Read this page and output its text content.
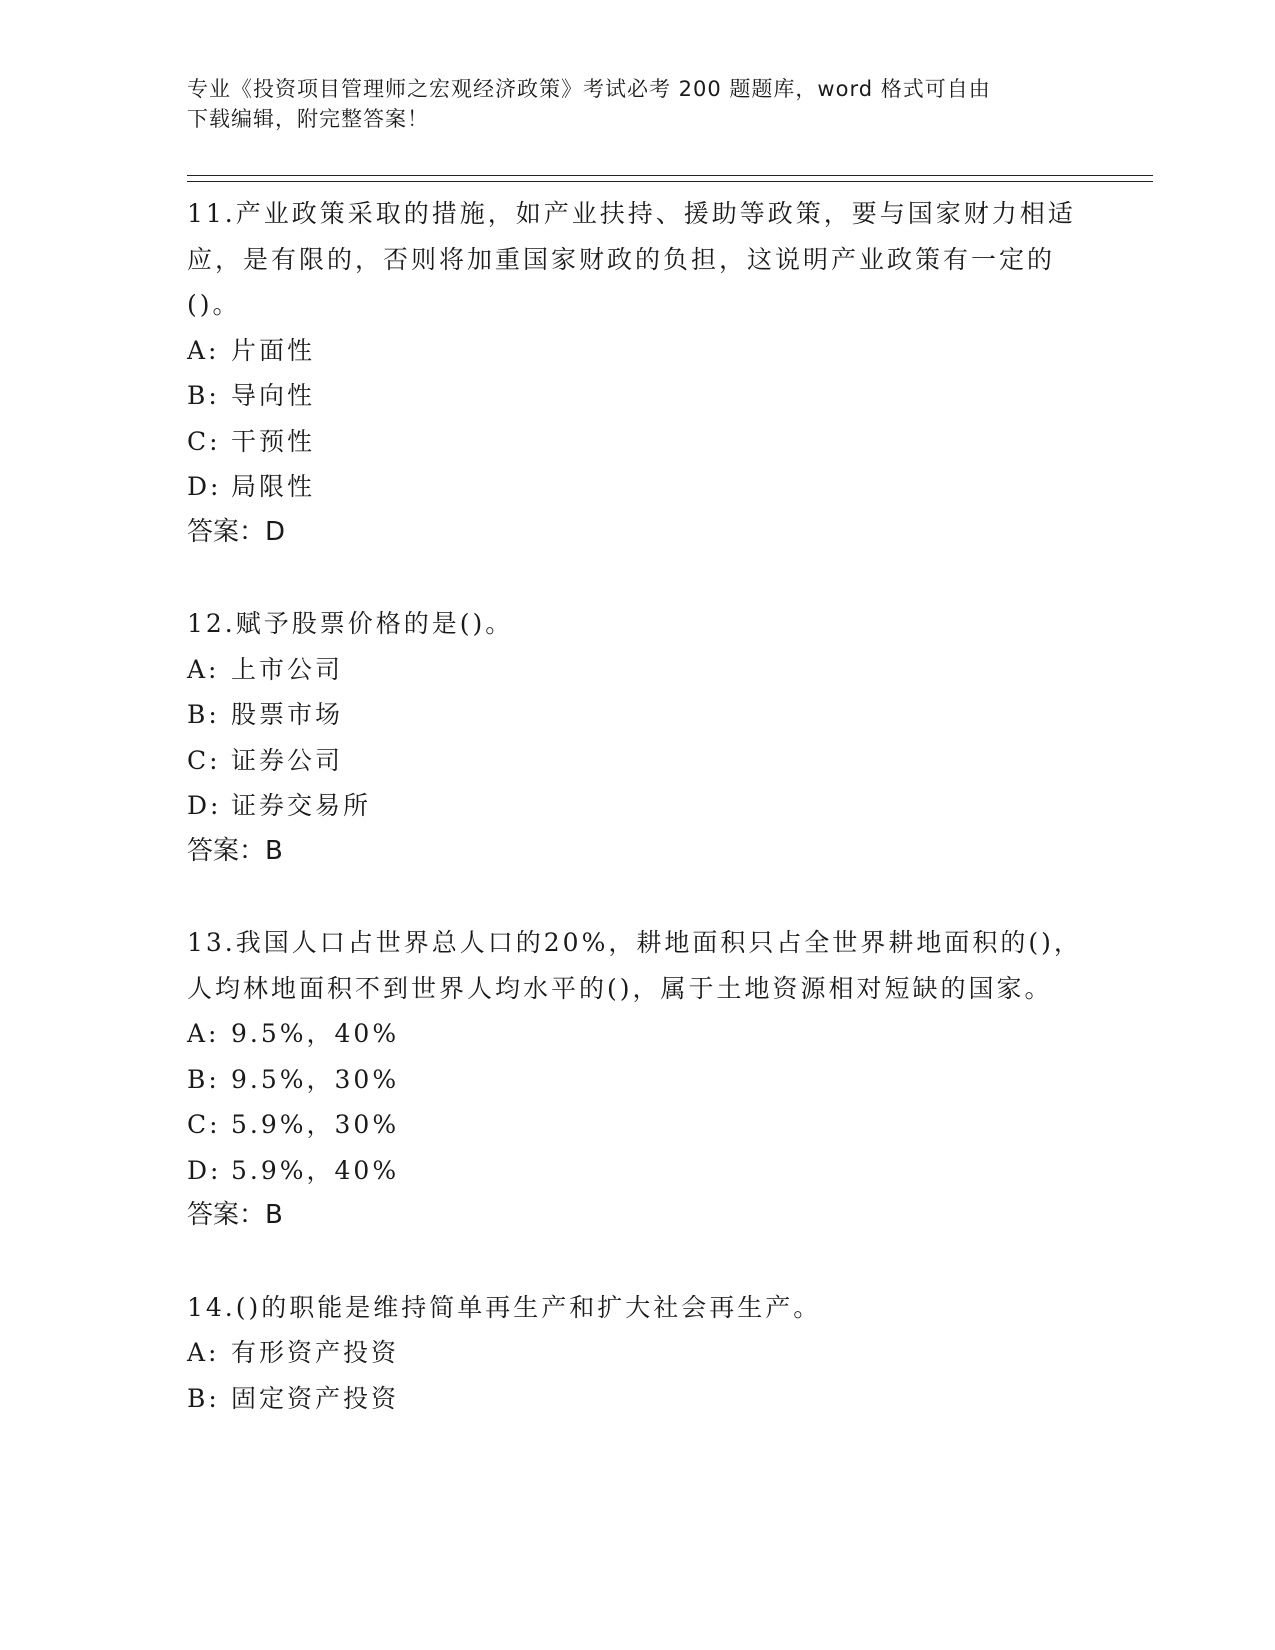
专业《投资项目管理师之宏观经济政策》考试必考 200 题题库，word 格式可自由
下载编辑，附完整答案！

11.产业政策采取的措施，如产业扶持、援助等政策，要与国家财力相适应，是有限的，否则将加重国家财政的负担，这说明产业政策有一定的()。

A: 片面性

B: 导向性

C: 干预性

D: 局限性

答案：D

12.赋予股票价格的是()。

A: 上市公司

B: 股票市场

C: 证券公司

D: 证券交易所

答案：B

13.我国人口占世界总人口的20%，耕地面积只占全世界耕地面积的()，人均林地面积不到世界人均水平的()，属于土地资源相对短缺的国家。

A: 9.5%，40%

B: 9.5%，30%

C: 5.9%，30%

D: 5.9%，40%

答案：B

14.()的职能是维持简单再生产和扩大社会再生产。

A: 有形资产投资

B: 固定资产投资
